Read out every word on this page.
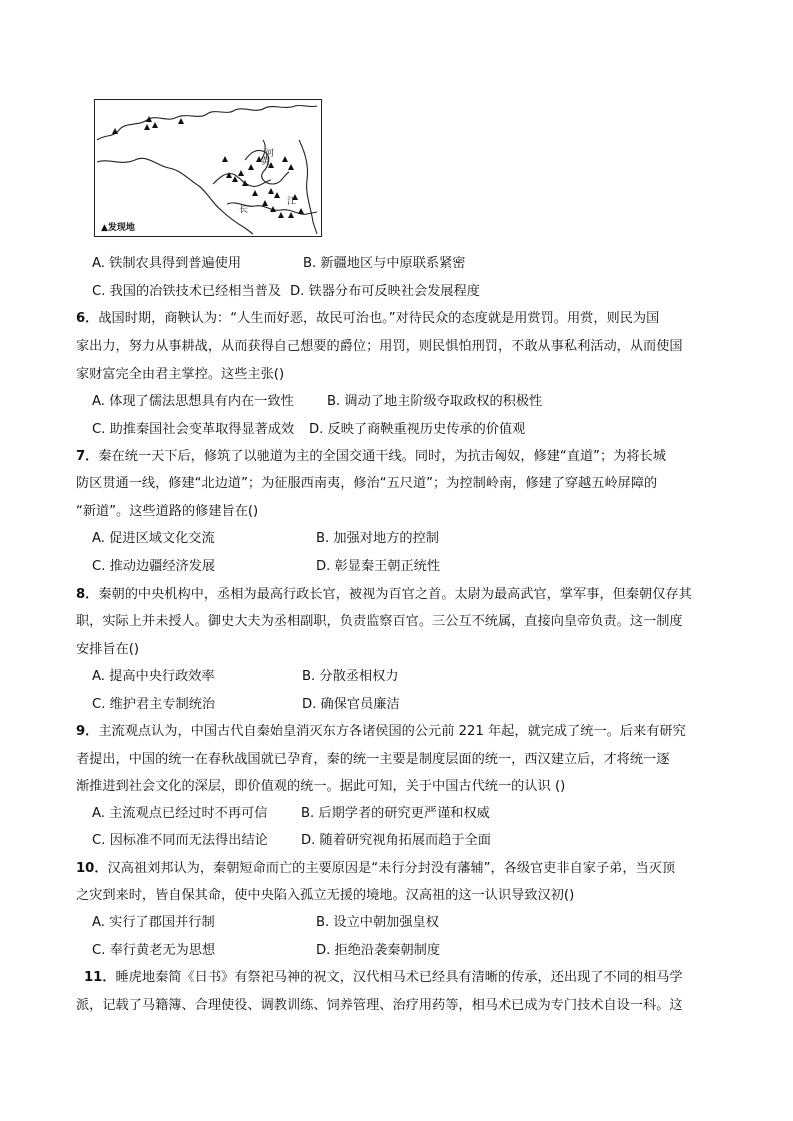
黄
河
长
江
▲发现地
A. 铁制农具得到普遍使用	B. 新疆地区与中原联系紧密
C. 我国的冶铁技术已经相当普及 D. 铁器分布可反映社会发展程度
6．战国时期，商鞅认为：“人生而好恶，故民可治也。”对待民众的态度就是用赏罚。用赏，则民为国
家出力，努力从事耕战，从而获得自己想要的爵位；用罚，则民惧怕刑罚，不敢从事私利活动，从而使国
家财富完全由君主掌控。这些主张()
A. 体现了儒法思想具有内在一致性	B. 调动了地主阶级夺取政权的积极性
C. 助推秦国社会变革取得显著成效 D. 反映了商鞅重视历史传承的价值观
7．秦在统一天下后，修筑了以驰道为主的全国交通干线。同时，为抗击匈奴，修建“直道”；为将长城
防区贯通一线，修建“北边道”；为征服西南夷，修治“五尺道”；为控制岭南，修建了穿越五岭屏障的
“新道”。这些道路的修建旨在()
A. 促进区域文化交流	B. 加强对地方的控制
C. 推动边疆经济发展	D. 彰显秦王朝正统性
8．秦朝的中央机构中，丞相为最高行政长官，被视为百官之首。太尉为最高武官，掌军事，但秦朝仅存其
职，实际上并未授人。御史大夫为丞相副职，负责监察百官。三公互不统属，直接向皇帝负责。这一制度
安排旨在()
A. 提高中央行政效率	B. 分散丞相权力
C. 维护君主专制统治	D. 确保官员廉洁
9．主流观点认为，中国古代自秦始皇消灭东方各诸侯国的公元前 221 年起，就完成了统一。后来有研究
者提出，中国的统一在春秋战国就已孕育，秦的统一主要是制度层面的统一，西汉建立后，才将统一逐
渐推进到社会文化的深层，即价值观的统一。据此可知，关于中国古代统一的认识 ()
A. 主流观点已经过时不再可信	B. 后期学者的研究更严谨和权威
C. 因标准不同而无法得出结论	D. 随着研究视角拓展而趋于全面
10．汉高祖刘邦认为，秦朝短命而亡的主要原因是“未行分封没有藩辅”，各级官吏非自家子弟，当灭顶
之灾到来时，皆自保其命，使中央陷入孤立无援的境地。汉高祖的这一认识导致汉初()
A. 实行了郡国并行制	B. 设立中朝加强皇权
C. 奉行黄老无为思想	D. 拒绝沿袭秦朝制度
11．睡虎地秦简《日书》有祭祀马神的祝文，汉代相马术已经具有清晰的传承，还出现了不同的相马学
派，记载了马籍簿、合理使役、调教训练、饲养管理、治疗用药等，相马术已成为专门技术自设一科。这
